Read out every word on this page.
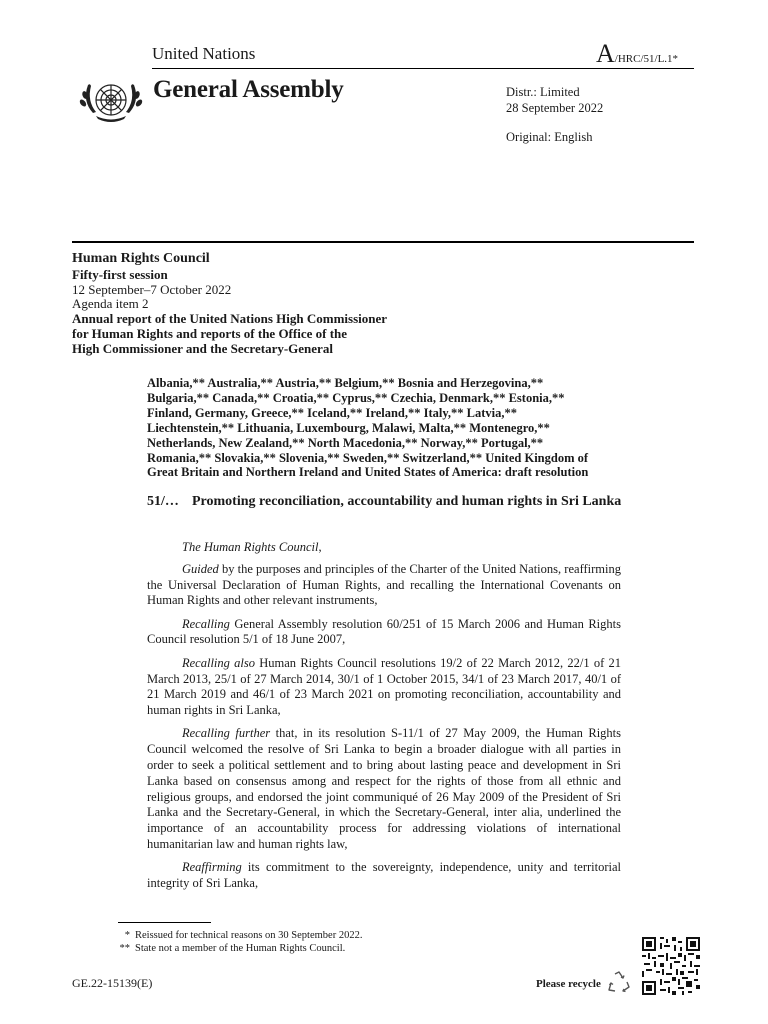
United Nations	A/HRC/51/L.1*
General Assembly	Distr.: Limited
28 September 2022
Original: English
Human Rights Council
Fifty-first session
12 September–7 October 2022
Agenda item 2
Annual report of the United Nations High Commissioner
for Human Rights and reports of the Office of the
High Commissioner and the Secretary-General
Albania,** Australia,** Austria,** Belgium,** Bosnia and Herzegovina,**
Bulgaria,** Canada,** Croatia,** Cyprus,** Czechia, Denmark,** Estonia,**
Finland, Germany, Greece,** Iceland,** Ireland,** Italy,** Latvia,**
Liechtenstein,** Lithuania, Luxembourg, Malawi, Malta,** Montenegro,**
Netherlands, New Zealand,** North Macedonia,** Norway,** Portugal,**
Romania,** Slovakia,** Slovenia,** Sweden,** Switzerland,** United Kingdom of
Great Britain and Northern Ireland and United States of America: draft resolution
51/… Promoting reconciliation, accountability and human rights in Sri Lanka

The Human Rights Council,

Guided by the purposes and principles of the Charter of the United Nations, reaffirming the Universal Declaration of Human Rights, and recalling the International Covenants on Human Rights and other relevant instruments,

Recalling General Assembly resolution 60/251 of 15 March 2006 and Human Rights Council resolution 5/1 of 18 June 2007,

Recalling also Human Rights Council resolutions 19/2 of 22 March 2012, 22/1 of 21 March 2013, 25/1 of 27 March 2014, 30/1 of 1 October 2015, 34/1 of 23 March 2017, 40/1 of 21 March 2019 and 46/1 of 23 March 2021 on promoting reconciliation, accountability and human rights in Sri Lanka,

Recalling further that, in its resolution S-11/1 of 27 May 2009, the Human Rights Council welcomed the resolve of Sri Lanka to begin a broader dialogue with all parties in order to seek a political settlement and to bring about lasting peace and development in Sri Lanka based on consensus among and respect for the rights of those from all ethnic and religious groups, and endorsed the joint communiqué of 26 May 2009 of the President of Sri Lanka and the Secretary-General, in which the Secretary-General, inter alia, underlined the importance of an accountability process for addressing violations of international humanitarian law and human rights law,

Reaffirming its commitment to the sovereignty, independence, unity and territorial integrity of Sri Lanka,

* Reissued for technical reasons on 30 September 2022.
** State not a member of the Human Rights Council.
GE.22-15139(E)	Please recycle
